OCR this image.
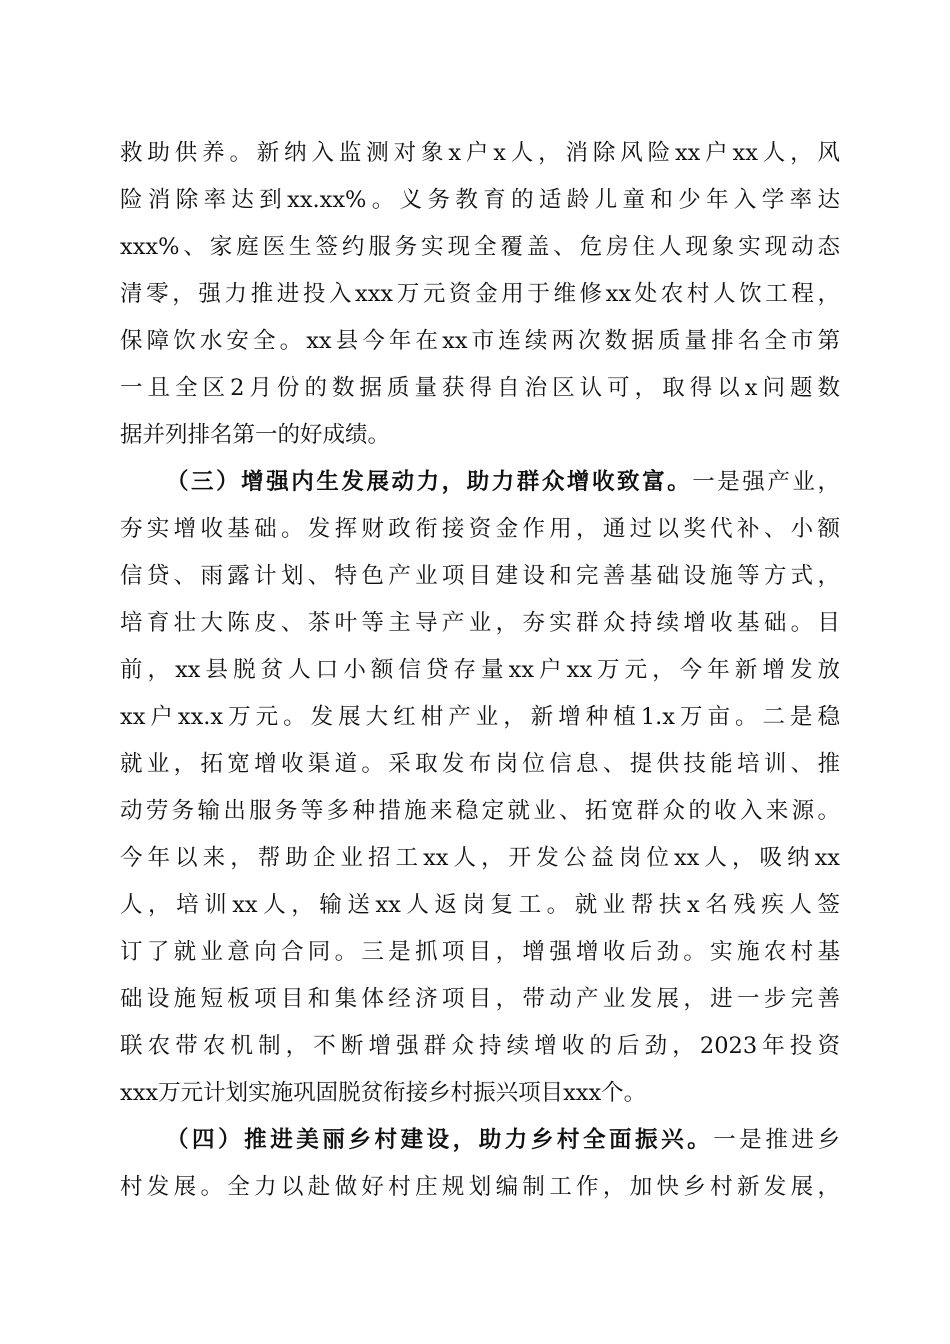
救助供养。新纳入监测对象x户x人，消除风险xx户xx人，风
险消除率达到xx.xx%。义务教育的适龄儿童和少年入学率达
xxx%、家庭医生签约服务实现全覆盖、危房住人现象实现动态
清零，强力推进投入xxx万元资金用于维修xx处农村人饮工程，
保障饮水安全。xx县今年在xx市连续两次数据质量排名全市第
一且全区2月份的数据质量获得自治区认可，取得以x问题数
据并列排名第一的好成绩。
（三）增强内生发展动力，助力群众增收致富。一是强产业，
夯实增收基础。发挥财政衔接资金作用，通过以奖代补、小额
信贷、雨露计划、特色产业项目建设和完善基础设施等方式，
培育壮大陈皮、茶叶等主导产业，夯实群众持续增收基础。目
前，xx县脱贫人口小额信贷存量xx户xx万元，今年新增发放
xx户xx.x万元。发展大红柑产业，新增种植1.x万亩。二是稳
就业，拓宽增收渠道。采取发布岗位信息、提供技能培训、推
动劳务输出服务等多种措施来稳定就业、拓宽群众的收入来源。
今年以来，帮助企业招工xx人，开发公益岗位xx人，吸纳xx
人，培训xx人，输送xx人返岗复工。就业帮扶x名残疾人签
订了就业意向合同。三是抓项目，增强增收后劲。实施农村基
础设施短板项目和集体经济项目，带动产业发展，进一步完善
联农带农机制，不断增强群众持续增收的后劲，2023年投资
xxx万元计划实施巩固脱贫衔接乡村振兴项目xxx个。
（四）推进美丽乡村建设，助力乡村全面振兴。一是推进乡
村发展。全力以赴做好村庄规划编制工作，加快乡村新发展，
